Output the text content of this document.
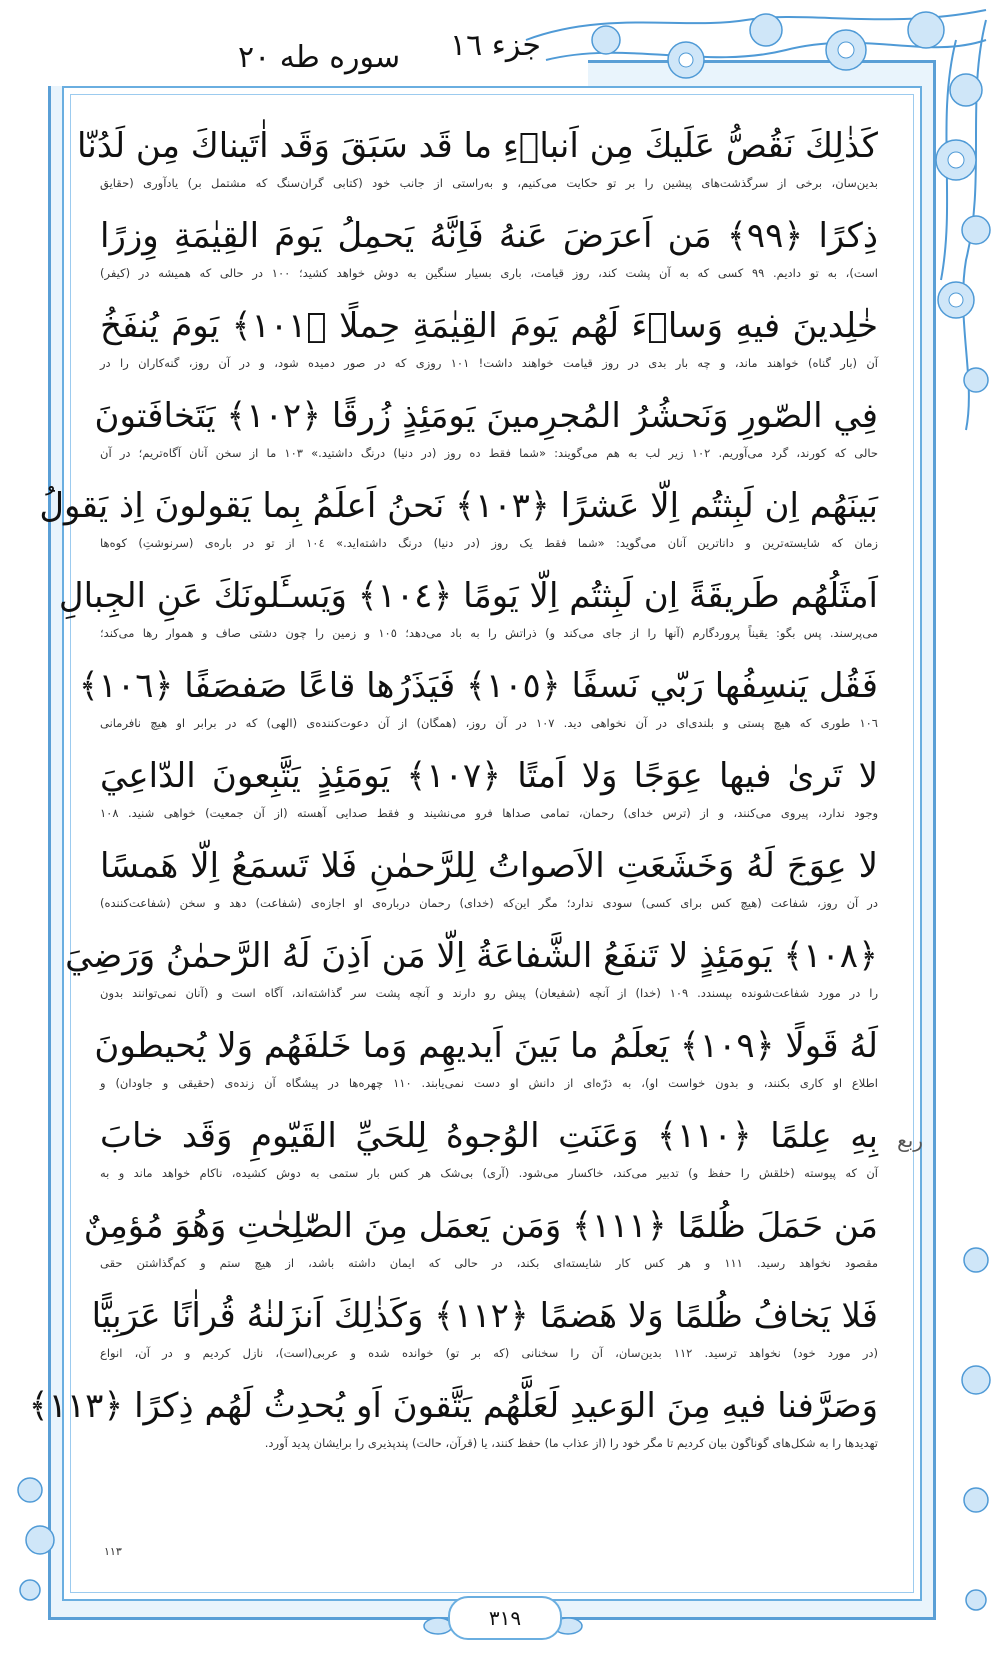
جزء ١٦
سوره طه ٢٠
ربع
كَذٰلِكَ نَقُصُّ عَلَيكَ مِن اَنباۤءِ ما قَد سَبَقَ وَقَد اٰتَيناكَ مِن لَدُنّا
بدین‌سان، برخی از سرگذشت‌های پیشین را بر تو حکایت می‌کنیم، و به‌راستی از جانب خود (کتابی گران‌سنگ که مشتمل بر) یادآوری (حقایق
ذِكرًا ﴿٩٩﴾ مَن اَعرَضَ عَنهُ فَاِنَّهُ يَحمِلُ يَومَ القِيٰمَةِ وِزرًا
است)، به تو دادیم. ٩٩ کسی که به آن پشت کند، روز قیامت، باری بسیار سنگین به دوش خواهد کشید؛ ١٠٠ در حالی که همیشه در (کیفر)
خٰلِدينَ فيهِ وَساۤءَ لَهُم يَومَ القِيٰمَةِ حِملًا ﴿١٠١﴾ يَومَ يُنفَخُ
آن (بار گناه) خواهند ماند، و چه بار بدی در روز قیامت خواهند داشت! ١٠١ روزی که در صور دمیده شود، و در آن روز، گنه‌کاران را در
فِي الصّورِ وَنَحشُرُ المُجرِمينَ يَومَئِذٍ زُرقًا ﴿١٠٢﴾ يَتَخافَتونَ
حالی که کورند، گرد می‌آوریم. ١٠٢ زیر لب به هم می‌گویند: «شما فقط ده روز (در دنیا) درنگ داشتید.» ١٠٣ ما از سخن آنان آگاه‌تریم؛ در آن
بَينَهُم اِن لَبِثتُم اِلّا عَشرًا ﴿١٠٣﴾ نَحنُ اَعلَمُ بِما يَقولونَ اِذ يَقولُ
زمان که شایسته‌ترین و داناترین آنان می‌گوید: «شما فقط یک روز (در دنیا) درنگ داشته‌اید.» ١٠٤ از تو در باره‌ی (سرنوشتِ) کوه‌ها
اَمثَلُهُم طَريقَةً اِن لَبِثتُم اِلّا يَومًا ﴿١٠٤﴾ وَيَسـَٔلونَكَ عَنِ الجِبالِ
می‌پرسند. پس بگو: یقیناً پروردگارم (آنها را از جای می‌کند و) ذراتش را به باد می‌دهد؛ ١٠٥ و زمین را چون دشتی صاف و هموار رها می‌کند؛
فَقُل يَنسِفُها رَبّي نَسفًا ﴿١٠٥﴾ فَيَذَرُها قاعًا صَفصَفًا ﴿١٠٦﴾
١٠٦ طوری که هیچ پستی و بلندی‌ای در آن نخواهی دید. ١٠٧ در آن روز، (همگان) از آن دعوت‌کننده‌ی (الهی) که در برابر او هیچ نافرمانی
لا تَرىٰ فيها عِوَجًا وَلا اَمتًا ﴿١٠٧﴾ يَومَئِذٍ يَتَّبِعونَ الدّاعِيَ
وجود ندارد، پیروی می‌کنند، و از (ترس خدای) رحمان، تمامی صداها فرو می‌نشیند و فقط صدایی آهسته (از آن جمعیت) خواهی شنید. ١٠٨
لا عِوَجَ لَهُ وَخَشَعَتِ الاَصواتُ لِلرَّحمٰنِ فَلا تَسمَعُ اِلّا هَمسًا
در آن روز، شفاعت (هیچ کس برای کسی) سودی ندارد؛ مگر این‌که (خدای) رحمان درباره‌ی او اجازه‌ی (شفاعت) دهد و سخن (شفاعت‌کننده)
﴿١٠٨﴾ يَومَئِذٍ لا تَنفَعُ الشَّفاعَةُ اِلّا مَن اَذِنَ لَهُ الرَّحمٰنُ وَرَضِيَ
را در مورد شفاعت‌شونده بپسندد. ١٠٩ (خدا) از آنچه (شفیعان) پیش رو دارند و آنچه پشت سر گذاشته‌اند، آگاه است و (آنان نمی‌توانند بدون
لَهُ قَولًا ﴿١٠٩﴾ يَعلَمُ ما بَينَ اَيديهِم وَما خَلفَهُم وَلا يُحيطونَ
اطلاع او کاری بکنند، و بدون خواست او)، به ذرّه‌ای از دانش او دست نمی‌یابند. ١١٠ چهره‌ها در پیشگاه آن زنده‌ی (حقیقی و جاودان) و
بِهِ عِلمًا ﴿١١٠﴾ وَعَنَتِ الوُجوهُ لِلحَيِّ القَيّومِ وَقَد خابَ
آن که پیوسته (خلقش را حفظ و) تدبیر می‌کند، خاکسار می‌شود. (آری) بی‌شک هر کس بار ستمی به دوش کشیده، ناکام خواهد ماند و به
مَن حَمَلَ ظُلمًا ﴿١١١﴾ وَمَن يَعمَل مِنَ الصّٰلِحٰتِ وَهُوَ مُؤمِنٌ
مقصود نخواهد رسید. ١١١ و هر کس کار شایسته‌ای بکند، در حالی که ایمان داشته باشد، از هیچ ستم و کم‌گذاشتن حقی
فَلا يَخافُ ظُلمًا وَلا هَضمًا ﴿١١٢﴾ وَكَذٰلِكَ اَنزَلنٰهُ قُراٰنًا عَرَبِيًّا
(در مورد خود) نخواهد ترسید. ١١٢ بدین‌سان، آن را سخنانی (که بر تو) خوانده شده و عربی(است)، نازل کردیم و در آن، انواع
وَصَرَّفنا فيهِ مِنَ الوَعيدِ لَعَلَّهُم يَتَّقونَ اَو يُحدِثُ لَهُم ذِكرًا ﴿١١٣﴾
تهدیدها را به شکل‌های گوناگون بیان کردیم تا مگر خود را (از عذاب ما) حفظ کنند، یا (قرآن، حالت) پندپذیری را برایشان پدید آورد.
١١٣
٣١٩
